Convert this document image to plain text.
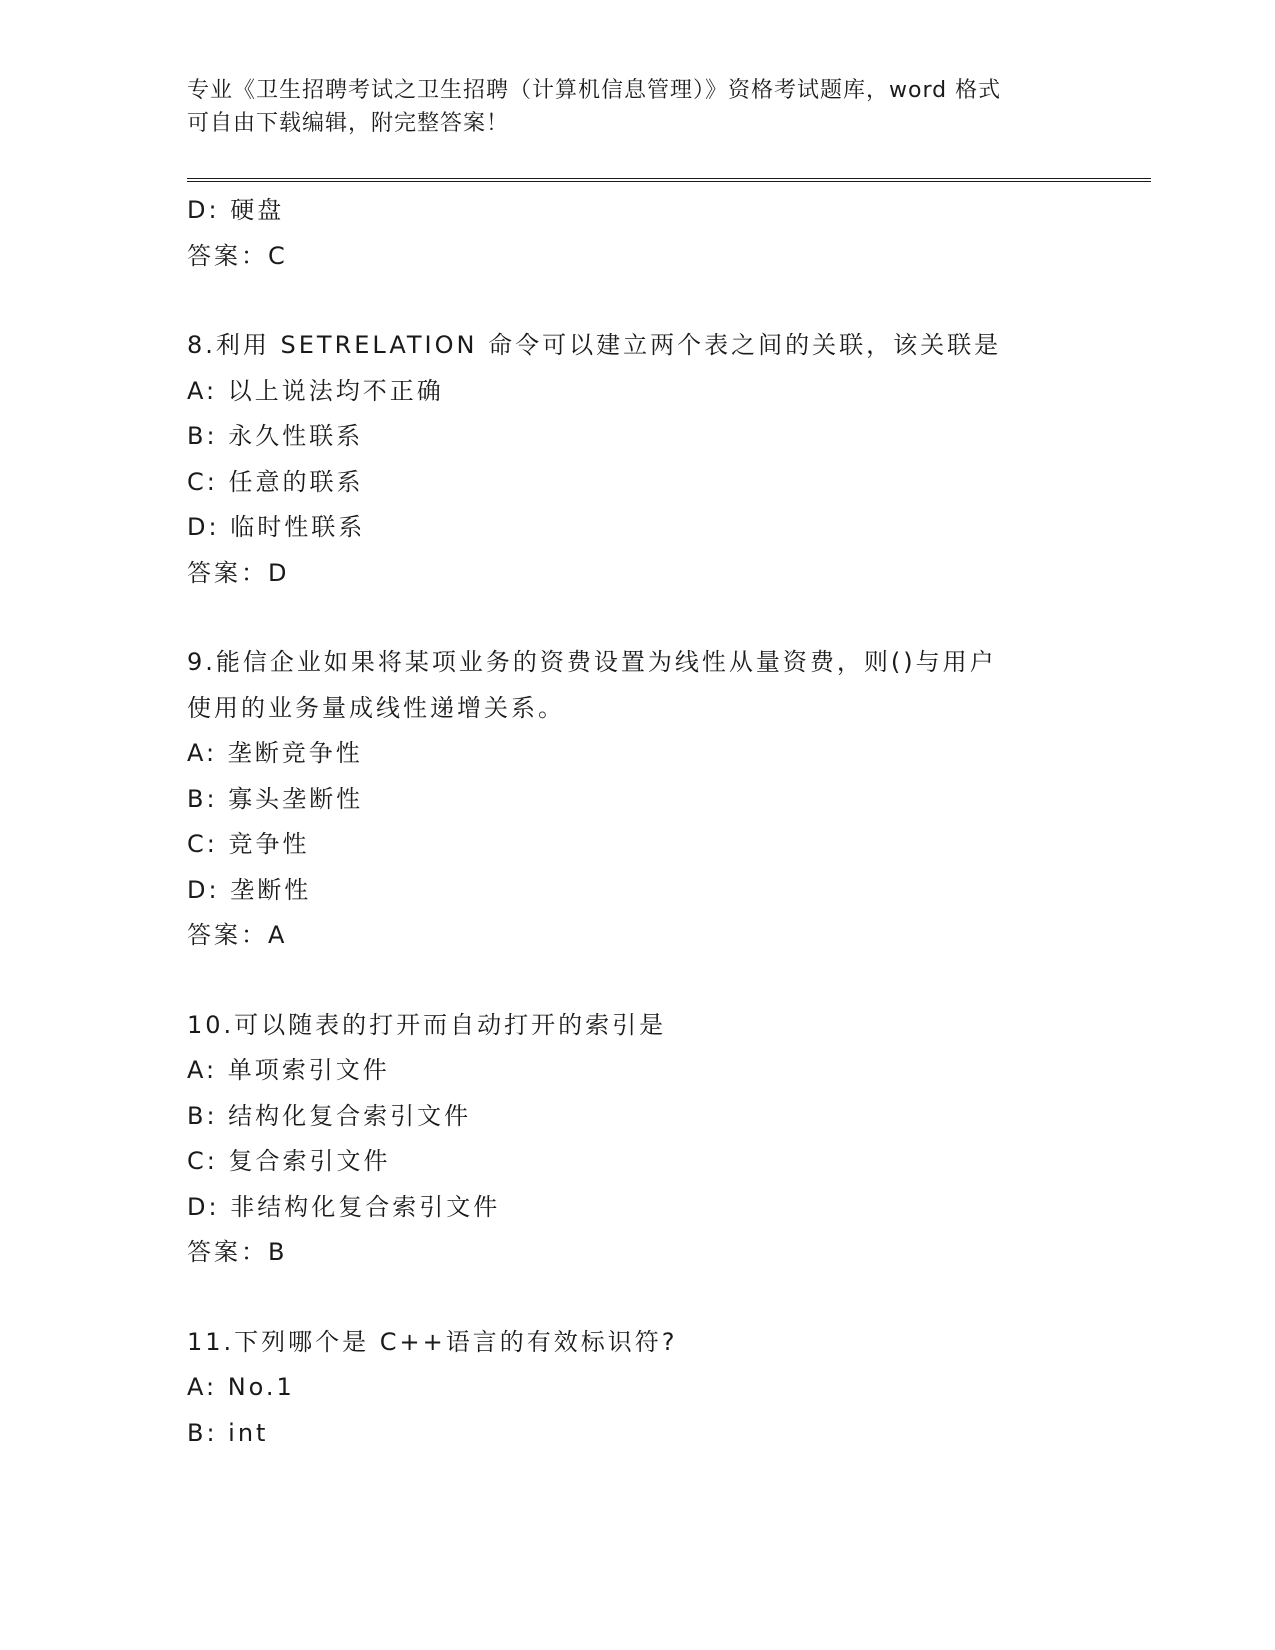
专业《卫生招聘考试之卫生招聘（计算机信息管理）》资格考试题库，word 格式
可自由下载编辑，附完整答案！

D: 硬盘

答案：C

8.利用 SETRELATION 命令可以建立两个表之间的关联，该关联是

A: 以上说法均不正确

B: 永久性联系

C: 任意的联系

D: 临时性联系

答案：D

9.能信企业如果将某项业务的资费设置为线性从量资费，则()与用户

使用的业务量成线性递增关系。

A: 垄断竞争性

B: 寡头垄断性

C: 竞争性

D: 垄断性

答案：A

10.可以随表的打开而自动打开的索引是

A: 单项索引文件

B: 结构化复合索引文件

C: 复合索引文件

D: 非结构化复合索引文件

答案：B

11.下列哪个是 C++语言的有效标识符?

A: No.1

B: int
